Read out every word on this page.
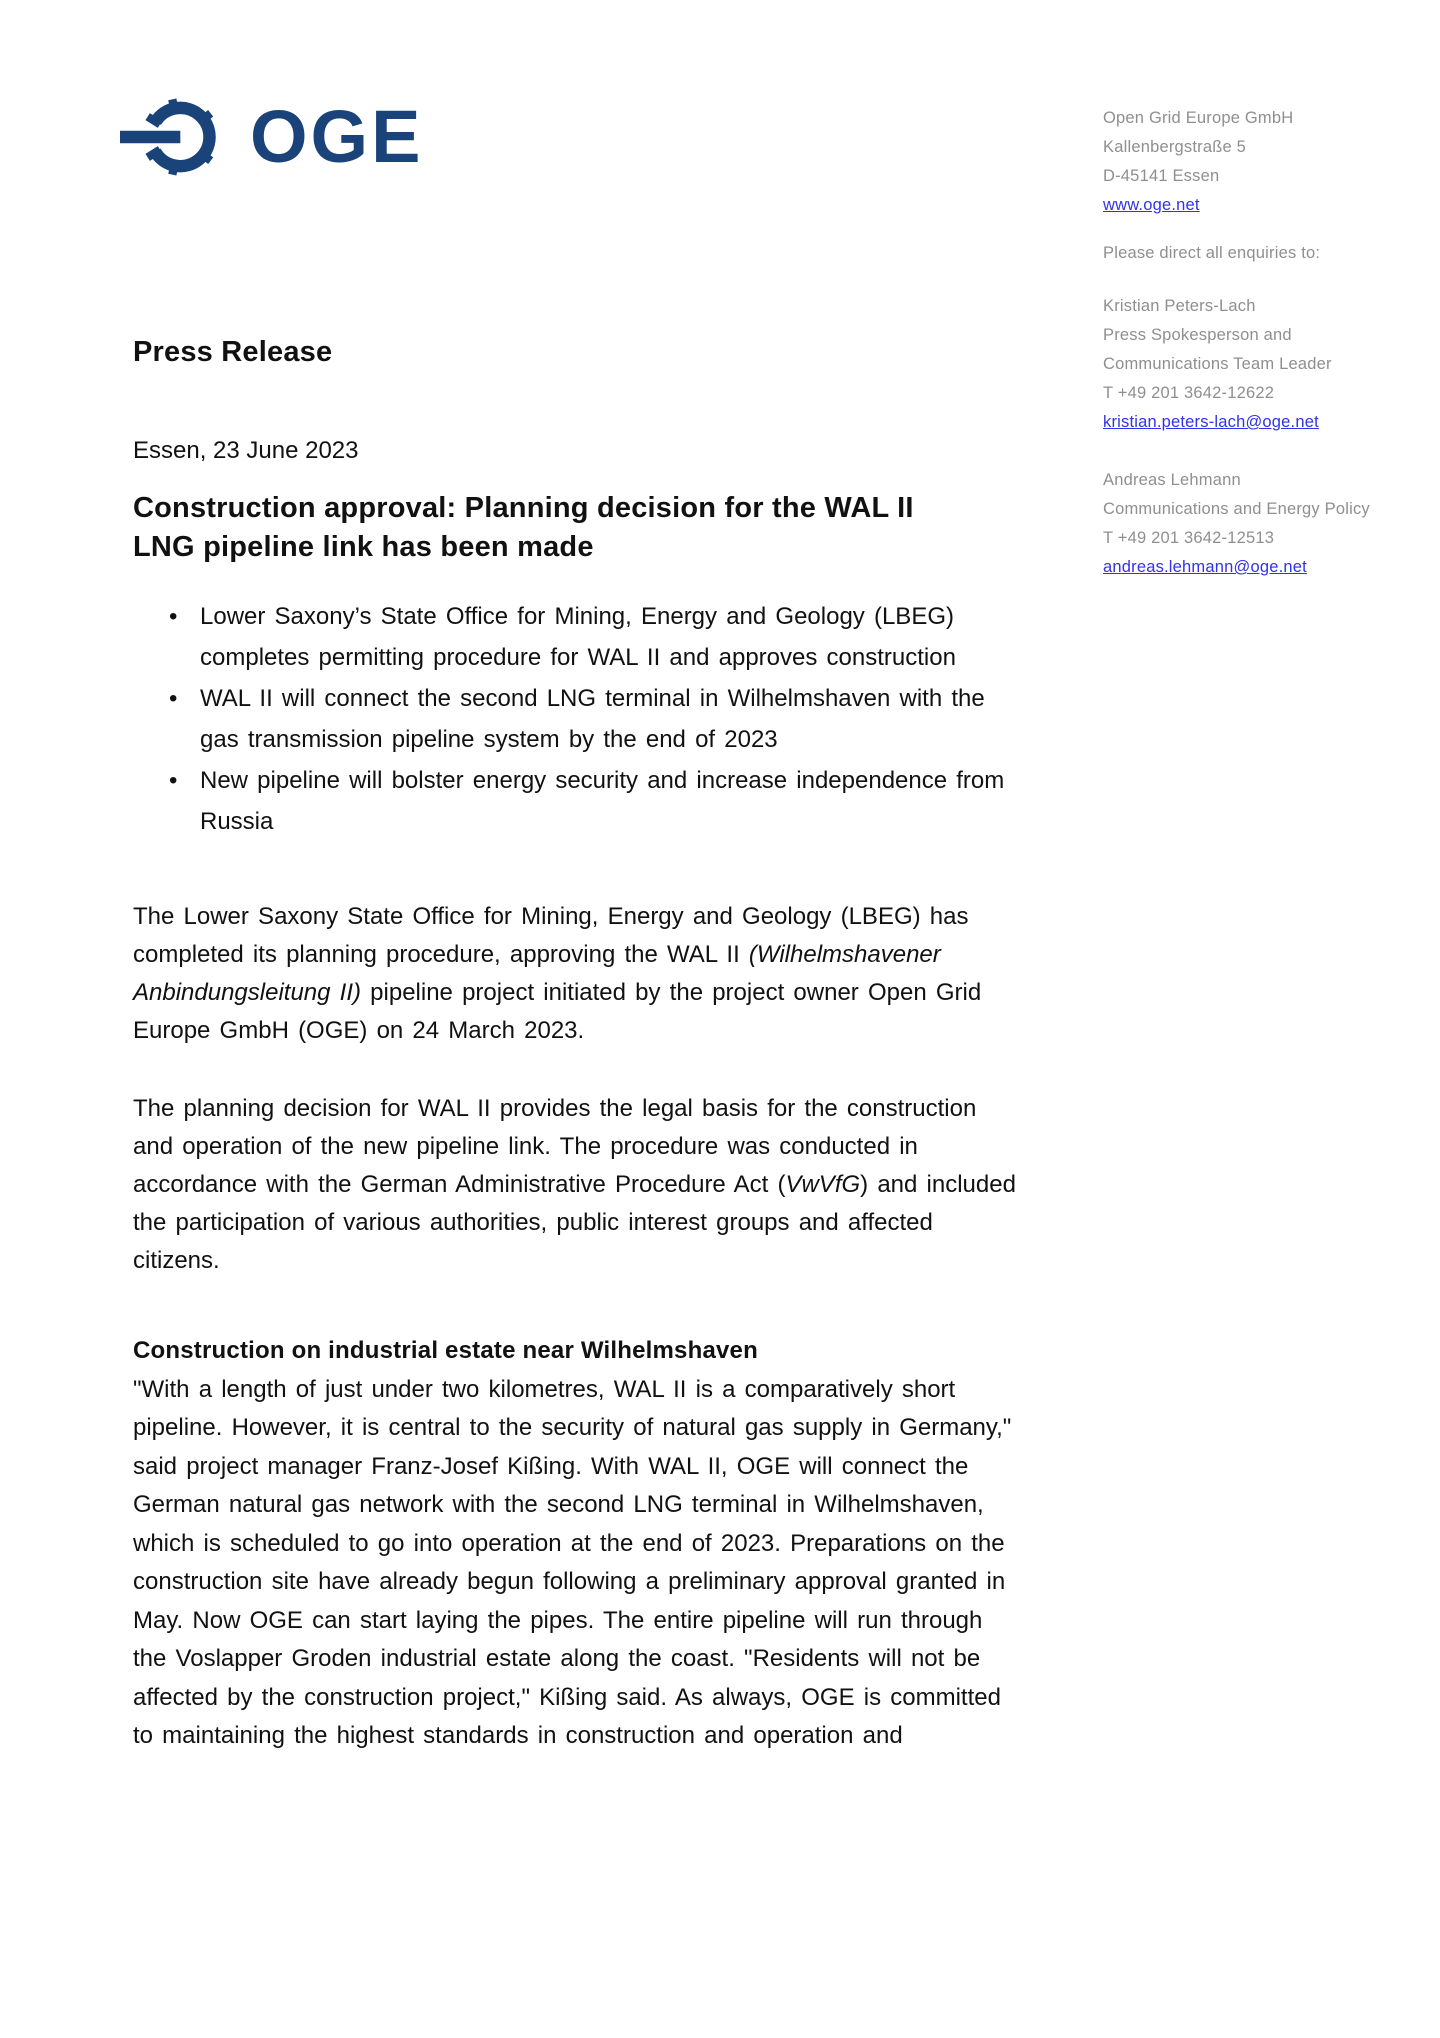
OGE	Open Grid Europe GmbH
Kallenbergstraße 5
D-45141 Essen
www.oge.net
Please direct all enquiries to:
Kristian Peters-Lach
Press Spokesperson and
Communications Team Leader
T +49 201 3642-12622
kristian.peters-lach@oge.net
Andreas Lehmann
Communications and Energy Policy
T +49 201 3642-12513
andreas.lehmann@oge.net
Press Release
Essen, 23 June 2023
Construction approval: Planning decision for the WAL II
LNG pipeline link has been made
• Lower Saxony’s State Office for Mining, Energy and Geology (LBEG) completes permitting procedure for WAL II and approves construction
• WAL II will connect the second LNG terminal in Wilhelmshaven with the gas transmission pipeline system by the end of 2023
• New pipeline will bolster energy security and increase independence from Russia

The Lower Saxony State Office for Mining, Energy and Geology (LBEG) has completed its planning procedure, approving the WAL II (Wilhelmshavener Anbindungsleitung II) pipeline project initiated by the project owner Open Grid Europe GmbH (OGE) on 24 March 2023.

The planning decision for WAL II provides the legal basis for the construction and operation of the new pipeline link. The procedure was conducted in accordance with the German Administrative Procedure Act (VwVfG) and included the participation of various authorities, public interest groups and affected citizens.

Construction on industrial estate near Wilhelmshaven

"With a length of just under two kilometres, WAL II is a comparatively short pipeline. However, it is central to the security of natural gas supply in Germany," said project manager Franz-Josef Kißing. With WAL II, OGE will connect the German natural gas network with the second LNG terminal in Wilhelmshaven, which is scheduled to go into operation at the end of 2023. Preparations on the construction site have already begun following a preliminary approval granted in May. Now OGE can start laying the pipes. The entire pipeline will run through the Voslapper Groden industrial estate along the coast. "Residents will not be affected by the construction project," Kißing said. As always, OGE is committed to maintaining the highest standards in construction and operation and
